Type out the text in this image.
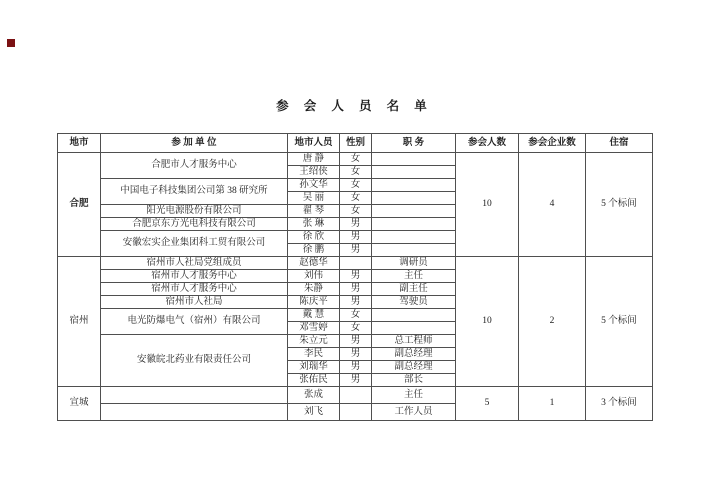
参 会 人 员 名 单
地市	参 加 单 位	地市人员	性别	职 务	参会人数	参会企业数	住宿
合肥	合肥市人才服务中心	唐 静	女		10	4	5 个标间
		王绍侠	女				
	中国电子科技集团公司第 38 研究所	孙文华	女				
		吴 丽	女				
	阳光电源股份有限公司	翟 琴	女				
	合肥京东方光电科技有限公司	张 琳	男				
	安徽宏实企业集团科工贸有限公司	徐 欣	男				
		徐 鹏	男				
宿州	宿州市人社局党组成员	赵德华		调研员	10	2	5 个标间
	宿州市人才服务中心	刘伟	男	主任			
	宿州市人才服务中心	朱静	男	副主任			
	宿州市人社局	陈庆平	男	驾驶员			
	电光防爆电气（宿州）有限公司	戴 慧	女				
		邓雪婷	女				
	安徽皖北药业有限责任公司	朱立元	男	总工程师			
		李民	男	副总经理			
		刘瑞华	男	副总经理			
		张佑民	男	部长			
宣城		张成		主任	5	1	3 个标间
		刘飞		工作人员			
